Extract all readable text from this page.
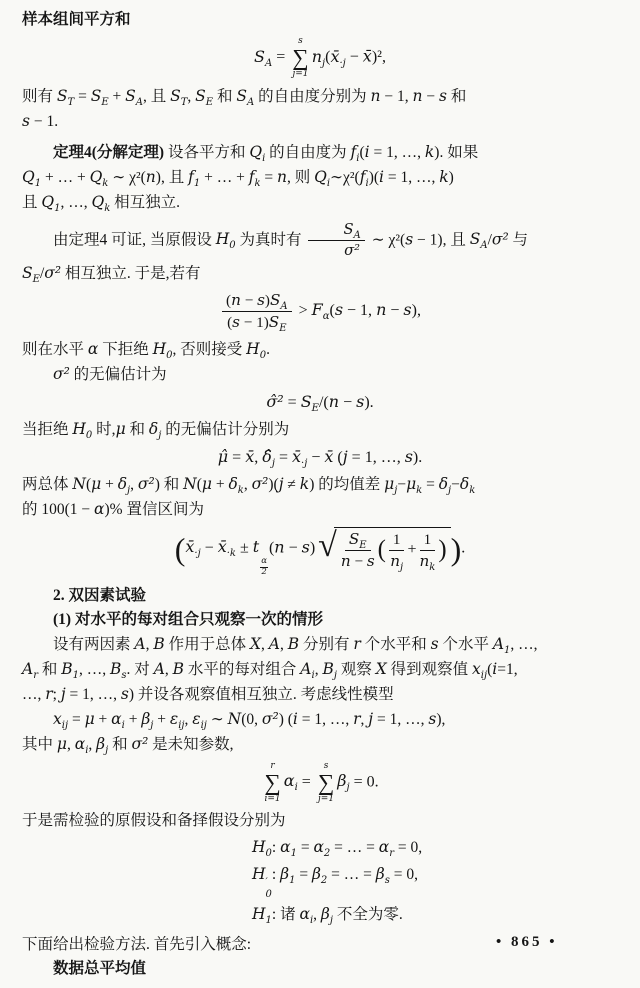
样本组间平方和
$S_A$ =
s
∑
j=1
$n_j(x̄_{\cdot j}$ − x̄)²,
则有 $S_T = S_E + S_A$, 且 $S_T$, $S_E$ 和 $S_A$ 的自由度分别为 n − 1, n − s 和
s − 1.
定理4(分解定理) 设各平方和 $Q_i$ 的自由度为 $f_i(i = 1$, …, k). 如果
$Q_1$ + … + $Q_k$ ∼ χ²(n), 且 $f_1$ + … + $f_k = n$, 则 $Q_i\sim\chi^2(f_i)(i = 1$, …, k)
且 $Q_1$, …, $Q_k$ 相互独立.
由定理4 可证, 当原假设 $H_0$ 为真时有 $\frac{S_A}{\text{σ²}}$ ∼ χ²(s − 1), 且 $S_A/\sigma^2$ 与
$S_E/\sigma^2$ 相互独立. 于是,若有
$\frac{(n - s)S_A}{(s - 1)S_E} > F_\alpha(s - 1$, n − s),
则在水平 α 下拒绝 $H_0$, 否则接受 $H_0$.
σ² 的无偏估计为
σ̂² = $S_E/(n - s)$.
当拒绝 $H_0$ 时,μ 和 $\delta_j$ 的无偏估计分别为
μ̂ = x̄, $\deltâ_j$ = $x̄_{\cdot j}$ − x̄ (j = 1, …, s).
两总体 $N(\mu + \delta_j$, σ²) 和 $N(\mu + \delta_k$, σ²)(j ≠ k) 的均值差 $\mu_j-\mu_k = \delta_j-\delta_k$
的 100(1 − α)% 置信区间为
($x̄_{\cdot j}$ − $x̄_{\cdot k} \pm t$
$\frac{\alpha}{2}$
(n − s) √ $\frac{S_E}{n - s}$ ( $\frac{1}{n_j} + \frac{1}{n_k}$ ) ).
2. 双因素试验
(1) 对水平的每对组合只观察一次的情形
设有两因素 A, B 作用于总体 X, A, B 分别有 r 个水平和 s 个水平 $A_1$, …,
$A_r$ 和 $B_1$, …, $B_s$. 对 A, B 水平的每对组合 $A_i$, $B_j$ 观察 X 得到观察值 $x_{ij}(i=1$,
…, r; j = 1, …, s) 并设各观察值相互独立. 考虑线性模型
$x_{ij} = \mu + \alpha_i + \beta_j + \varepsilon_{ij}$, $\varepsilon_{ij}$ ∼ N(0, σ²) (i = 1, …, r, j = 1, …, s),
其中 μ, $\alpha_i$, $\beta_j$ 和 σ² 是未知参数,
r
∑
i=1
$\alpha_i$ =
s
∑
j=1
$\beta_j = 0$.
于是需检验的原假设和备择假设分别为
$H_0$: $\alpha_1 = \alpha_2$ = … = $\alpha_r = 0$,
H ′
0
: $\beta_1 = \beta_2$ = … = $\beta_s = 0$,
$H_1$: 诸 $\alpha_i$, $\beta_j$ 不全为零.
下面给出检验方法. 首先引入概念:
数据总平均值
• 865 •
